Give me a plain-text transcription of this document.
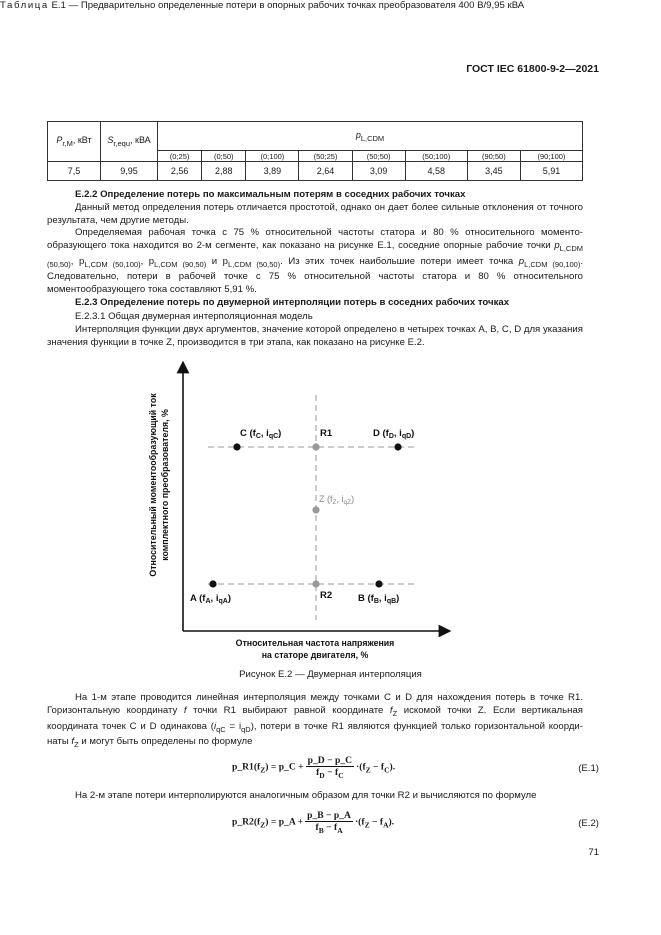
ГОСТ IEC 61800-9-2—2021
Таблица Е.1 — Предварительно определенные потери в опорных рабочих точках преобразователя 400 В/9,95 кВА
$P_{r,M}$, кВт	$S_{r,equ}$, кВА	$p_{L,CDM}$
		(0;25)	(0;50)	(0;100)	(50;25)	(50;50)	(50;100)	(90;50)	(90;100)
7,5	9,95	2,56	2,88	3,89	2,64	3,09	4,58	3,45	5,91
Е.2.2 Определение потерь по максимальным потерям в соседних рабочих точках
Данный метод определения потерь отличается простотой, однако он дает более сильные отклонения от точного результата, чем другие методы.
Определяемая рабочая точка с 75 % относительной частоты статора и 80 % относительного моменто-образующего тока находится во 2-м сегменте, как показано на рисунке Е.1, соседние опорные рабочие точки $p_{L,CDM (50,50)}$, $p_{L,CDM (50,100)}$, $p_{L,CDM (90,50)}$ и $p_{L,CDM (50,50)}$. Из этих точек наибольшие потери имеет точка $p_{L,CDM (90,100)}$. Следовательно, потери в рабочей точке с 75 % относительной частоты статора и 80 % относительного моментообразующего тока составляют 5,91 %.
Е.2.3 Определение потерь по двумерной интерполяции потерь в соседних рабочих точках
Е.2.3.1 Общая двумерная интерполяционная модель
Интерполяция функции двух аргументов, значение которой определено в четырех точках А, В, С, D для указания значения функции в точке Z, производится в три этапа, как показано на рисунке Е.2.
C ($f_C$, $i_{qC}$)	R1	D ($f_D$, $i_{qD}$)
Z ($f_Z$, $i_{qZ}$)
A ($f_A$, $i_{qA}$)	R2	B ($f_B$, $i_{qB}$)
Относительный моментообразующий ток комплектного преобразователя, %
Относительная частота напряжения
на статоре двигателя, %
Рисунок Е.2 — Двумерная интерполяция
На 1-м этапе проводится линейная интерполяция между точками С и D для нахождения потерь в точке R1. Горизонтальную координату f точки R1 выбирают равной координате $f_Z$ искомой точки Z. Если вертикальная координата точек С и D одинакова $(i_{qC} = i_{qD})$, потери в точке R1 являются функцией только горизонтальной коорди-наты $f_Z$ и могут быть определены по формуле
$p\_R1(f_Z)$ = p_C + $\frac{p\_D - p\_C}{f_D - f_C} \cdot(f_Z - f_C)$.	(Е.1)
На 2-м этапе потери интерполируются аналогичным образом для точки R2 и вычисляются по формуле
$p\_R2(f_Z)$ = p_A + $\frac{p\_B - p\_A}{f_B - f_A} \cdot(f_Z - f_A)$.	(Е.2)
71
